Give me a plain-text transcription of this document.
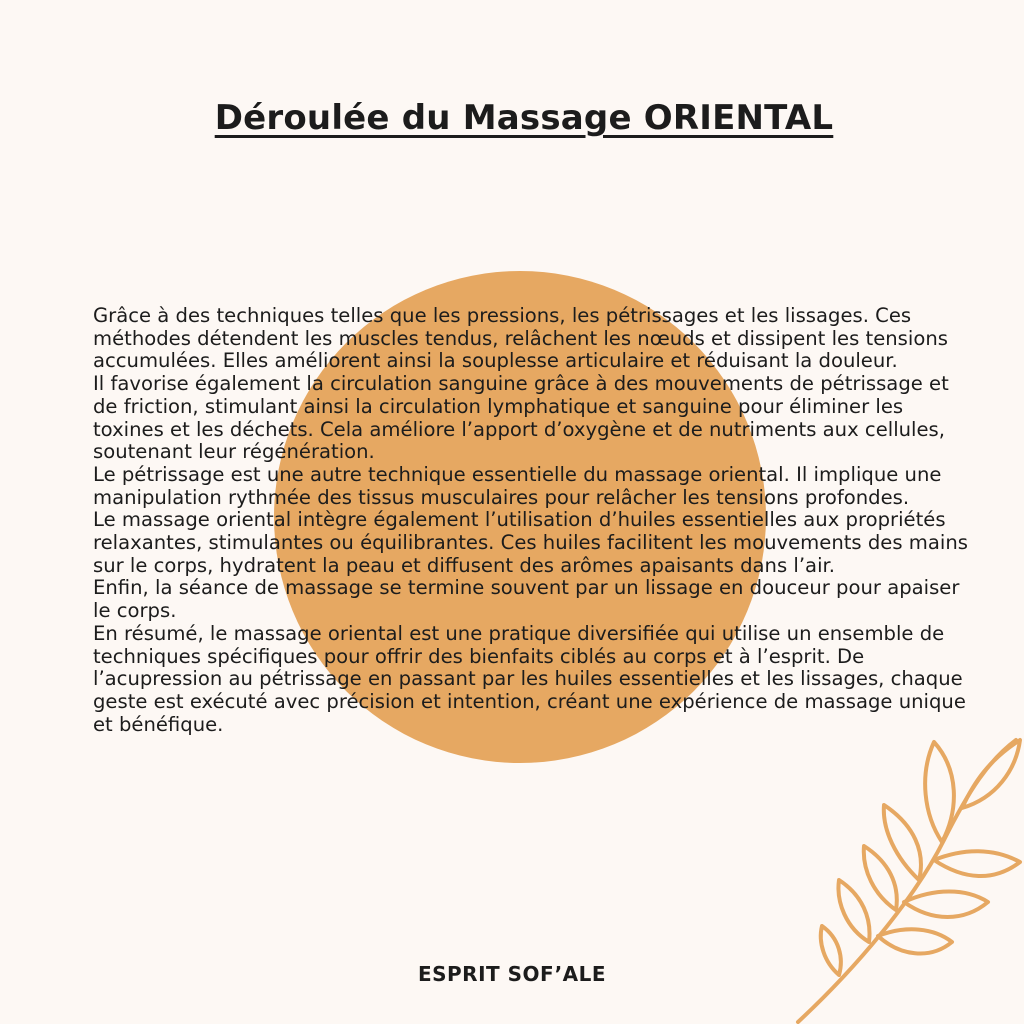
Déroulée du Massage ORIENTAL

Grâce à des techniques telles que les pressions, les pétrissages et les lissages. Ces méthodes détendent les muscles tendus, relâchent les nœuds et dissipent les tensions accumulées. Elles améliorent ainsi la souplesse articulaire et réduisant la douleur.

Il favorise également la circulation sanguine grâce à des mouvements de pétrissage et de friction, stimulant ainsi la circulation lymphatique et sanguine pour éliminer les toxines et les déchets. Cela améliore l’apport d’oxygène et de nutriments aux cellules, soutenant leur régénération.

Le pétrissage est une autre technique essentielle du massage oriental. Il implique une manipulation rythmée des tissus musculaires pour relâcher les tensions profondes.

Le massage oriental intègre également l’utilisation d’huiles essentielles aux propriétés relaxantes, stimulantes ou équilibrantes. Ces huiles facilitent les mouvements des mains sur le corps, hydratent la peau et diffusent des arômes apaisants dans l’air.

Enfin, la séance de massage se termine souvent par un lissage en douceur pour apaiser le corps.

En résumé, le massage oriental est une pratique diversifiée qui utilise un ensemble de techniques spécifiques pour offrir des bienfaits ciblés au corps et à l’esprit. De l’acupression au pétrissage en passant par les huiles essentielles et les lissages, chaque geste est exécuté avec précision et intention, créant une expérience de massage unique et bénéfique.

ESPRIT SOF’ALE
